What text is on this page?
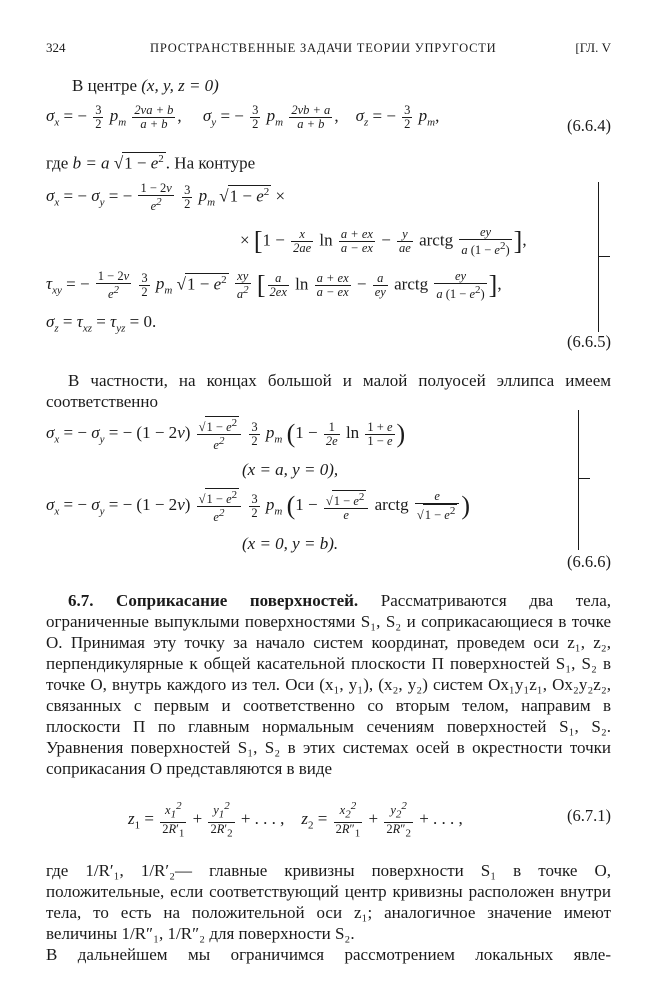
324	ПРОСТРАНСТВЕННЫЕ ЗАДАЧИ ТЕОРИИ УПРУГОСТИ	[ГЛ. V
В центре (x, y, z = 0)
$\sigma_x$ = − $\frac{3}{2} p_m \frac{2\nu a + b}{a + b}$ ,     $\sigma_y$ = − $\frac{3}{2} p_m \frac{2\nu b + a}{a + b}$ ,    $\sigma_z$ = − $\frac{3}{2} p_m$,
(6.6.4)
где b = a $√1 - e^2$ . На контуре
$\sigma_x$ = − $\sigma_y$ = − $\frac{1 - 2\nu}{e^2}$
$\frac{3}{2} p_m$ $√1 - e^2$ ×
× [$1 - \frac{x}{2ae}$ $\ln \frac{a + ex}{a - ex} - \frac{y}{ae}$ arctg $\frac{ey}{a (1 - e^2)}$ ],
$\tau_{xy}$ = − $\frac{1 - 2\nu}{e^2}$
$\frac{3}{2} p_m$ $√1 - e^2 \frac{xy}{a^2}$ [ $\frac{a}{2ex}$ $\ln \frac{a + ex}{a - ex} - \frac{a}{ey}$ arctg $\frac{ey}{a (1 - e^2)}$ ],
$\sigma_z = \tau_{xz} = \tau_{yz} = 0$.
(6.6.5)

В частности, на концах большой и малой полуосей эллипса имеем соответственно

$\sigma_x$ = − $\sigma_y$ = − $(1 - 2\nu) \frac{√1 - e^2}{e^2}$
$\frac{3}{2} p_m$ ($1 - \frac{1}{2e}$ $\ln \frac{1 + e}{1 - e}$ )
(x = a, y = 0),
$\sigma_x$ = − $\sigma_y$ = − $(1 - 2\nu) \frac{√1 - e^2}{e^2}$
$\frac{3}{2} p_m$ ($1 - \frac{√1 - e^2}{e}$ arctg $\frac{e}{√1 - e^2}$ )
(x = 0, y = b).
(6.6.6)

6.7. Соприкасание поверхностей. Рассматриваются два тела, ограниченные выпуклыми поверхностями S₁, S₂ и соприкасающиеся в точке O. Принимая эту точку за начало систем координат, проведем оси z₁, z₂, перпендикулярные к общей касательной плоскости П поверхностей S₁, S₂ в точке O, внутрь каждого из тел. Оси (x₁, y₁), (x₂, y₂) систем Ox₁y₁z₁, Ox₂y₂z₂, связанных с первым и соответственно со вторым телом, направим в плоскости П по главным нормальным сечениям поверхностей S₁, S₂. Уравнения поверхностей S₁, S₂ в этих системах осей в окрестности точки соприкасания O представляются в виде

$z_1 = \frac{x_1^2}{2R'_1} + \frac{y_1^2}{2R'_2}$ + . . . ,    $z_2 = \frac{x_2^2}{2R''_1} + \frac{y_2^2}{2R''_2}$ + . . . ,	(6.7.1)

где 1/R′₁, 1/R′₂— главные кривизны поверхности S₁ в точке O, положительные, если соответствующий центр кривизны расположен внутри тела, то есть на положительной оси z₁; аналогичное значение имеют величины 1/R″₁, 1/R″₂ для поверхности S₂.

В дальнейшем мы ограничимся рассмотрением локальных явле-
